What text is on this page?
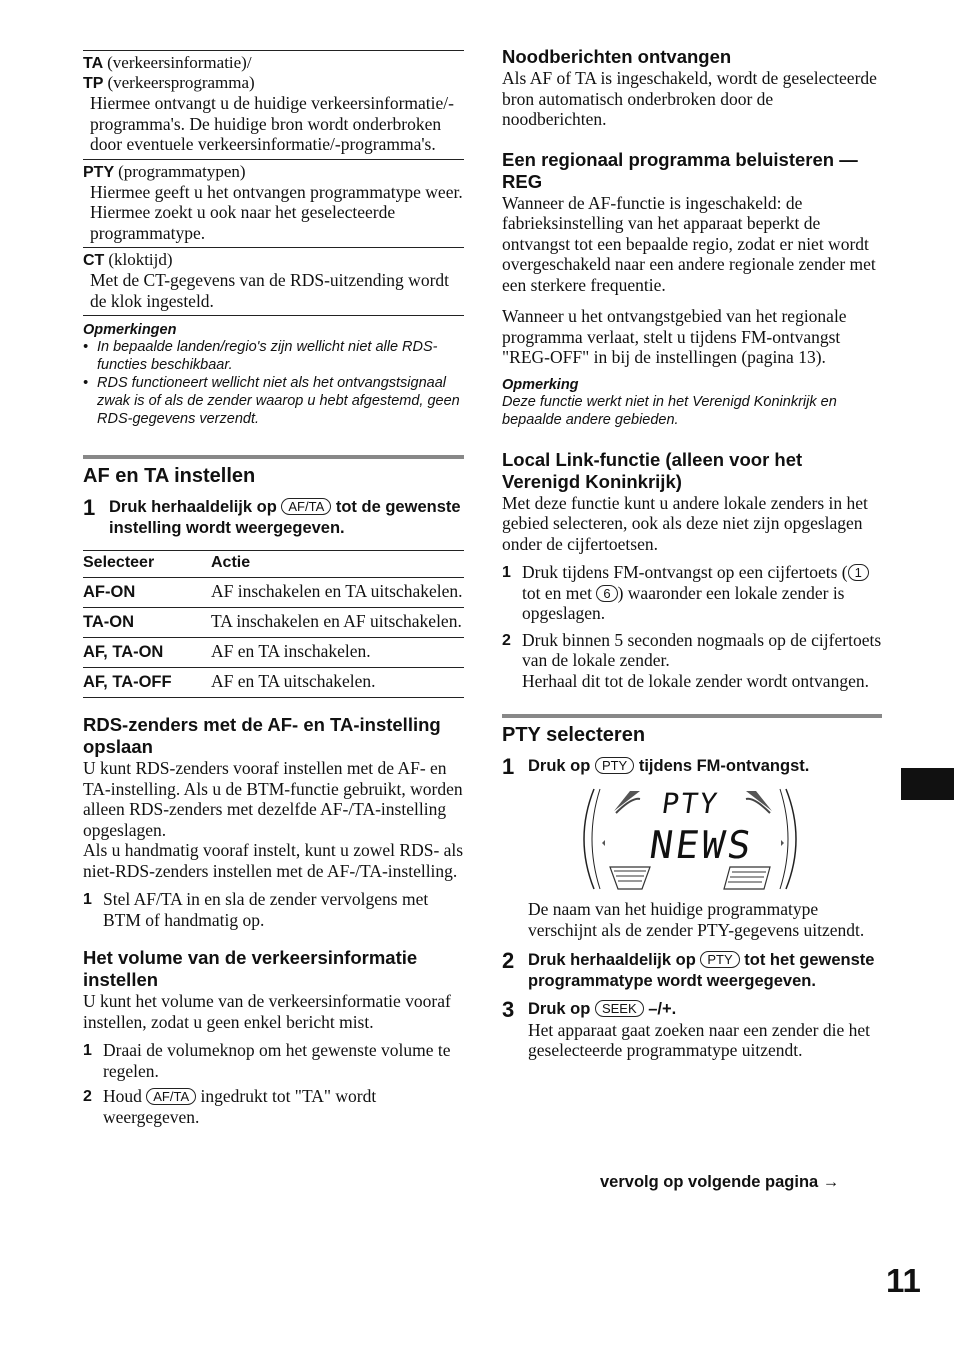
TA (verkeersinformatie)/
TP (verkeersprogramma)
Hiermee ontvangt u de huidige verkeersinformatie/-programma's. De huidige bron wordt onderbroken door eventuele verkeersinformatie/-programma's.
PTY (programmatypen)
Hiermee geeft u het ontvangen programmatype weer. Hiermee zoekt u ook naar het geselecteerde programmatype.
CT (kloktijd)
Met de CT-gegevens van de RDS-uitzending wordt de klok ingesteld.
Opmerkingen
• In bepaalde landen/regio's zijn wellicht niet alle RDS-functies beschikbaar.
• RDS functioneert wellicht niet als het ontvangstsignaal zwak is of als de zender waarop u hebt afgestemd, geen RDS-gegevens verzendt.
AF en TA instellen
1 Druk herhaaldelijk op AF/TA tot de gewenste instelling wordt weergegeven.
Selecteer	Actie
AF-ON	AF inschakelen en TA uitschakelen.
TA-ON	TA inschakelen en AF uitschakelen.
AF, TA-ON	AF en TA inschakelen.
AF, TA-OFF	AF en TA uitschakelen.
RDS-zenders met de AF- en TA-instelling opslaan

U kunt RDS-zenders vooraf instellen met de AF- en TA-instelling. Als u de BTM-functie gebruikt, worden alleen RDS-zenders met dezelfde AF-/TA-instelling opgeslagen.

Als u handmatig vooraf instelt, kunt u zowel RDS- als niet-RDS-zenders instellen met de AF-/TA-instelling.

1 Stel AF/TA in en sla de zender vervolgens met BTM of handmatig op.
Het volume van de verkeersinformatie instellen

U kunt het volume van de verkeersinformatie vooraf instellen, zodat u geen enkel bericht mist.

1 Draai de volumeknop om het gewenste volume te regelen.
2 Houd AF/TA ingedrukt tot "TA" wordt weergegeven.
Noodberichten ontvangen

Als AF of TA is ingeschakeld, wordt de geselecteerde bron automatisch onderbroken door de noodberichten.

Een regionaal programma beluisteren — REG

Wanneer de AF-functie is ingeschakeld: de fabrieksinstelling van het apparaat beperkt de ontvangst tot een bepaalde regio, zodat er niet wordt overgeschakeld naar een andere regionale zender met een sterkere frequentie.

Wanneer u het ontvangstgebied van het regionale programma verlaat, stelt u tijdens FM-ontvangst "REG-OFF" in bij de instellingen (pagina 13).

Opmerking
Deze functie werkt niet in het Verenigd Koninkrijk en bepaalde andere gebieden.
Local Link-functie (alleen voor het Verenigd Koninkrijk)

Met deze functie kunt u andere lokale zenders in het gebied selecteren, ook als deze niet zijn opgeslagen onder de cijfertoetsen.

1 Druk tijdens FM-ontvangst op een cijfertoets ( 1 tot en met 6 ) waaronder een lokale zender is opgeslagen.
2 Druk binnen 5 seconden nogmaals op de cijfertoets van de lokale zender.
Herhaal dit tot de lokale zender wordt ontvangen.
PTY selecteren
1 Druk op PTY tijdens FM-ontvangst.
PTY
NEWS

De naam van het huidige programmatype verschijnt als de zender PTY-gegevens uitzendt.

2 Druk herhaaldelijk op PTY tot het gewenste programmatype wordt weergegeven.
3 Druk op SEEK –/+.

Het apparaat gaat zoeken naar een zender die het geselecteerde programmatype uitzendt.

vervolg op volgende pagina →
11
